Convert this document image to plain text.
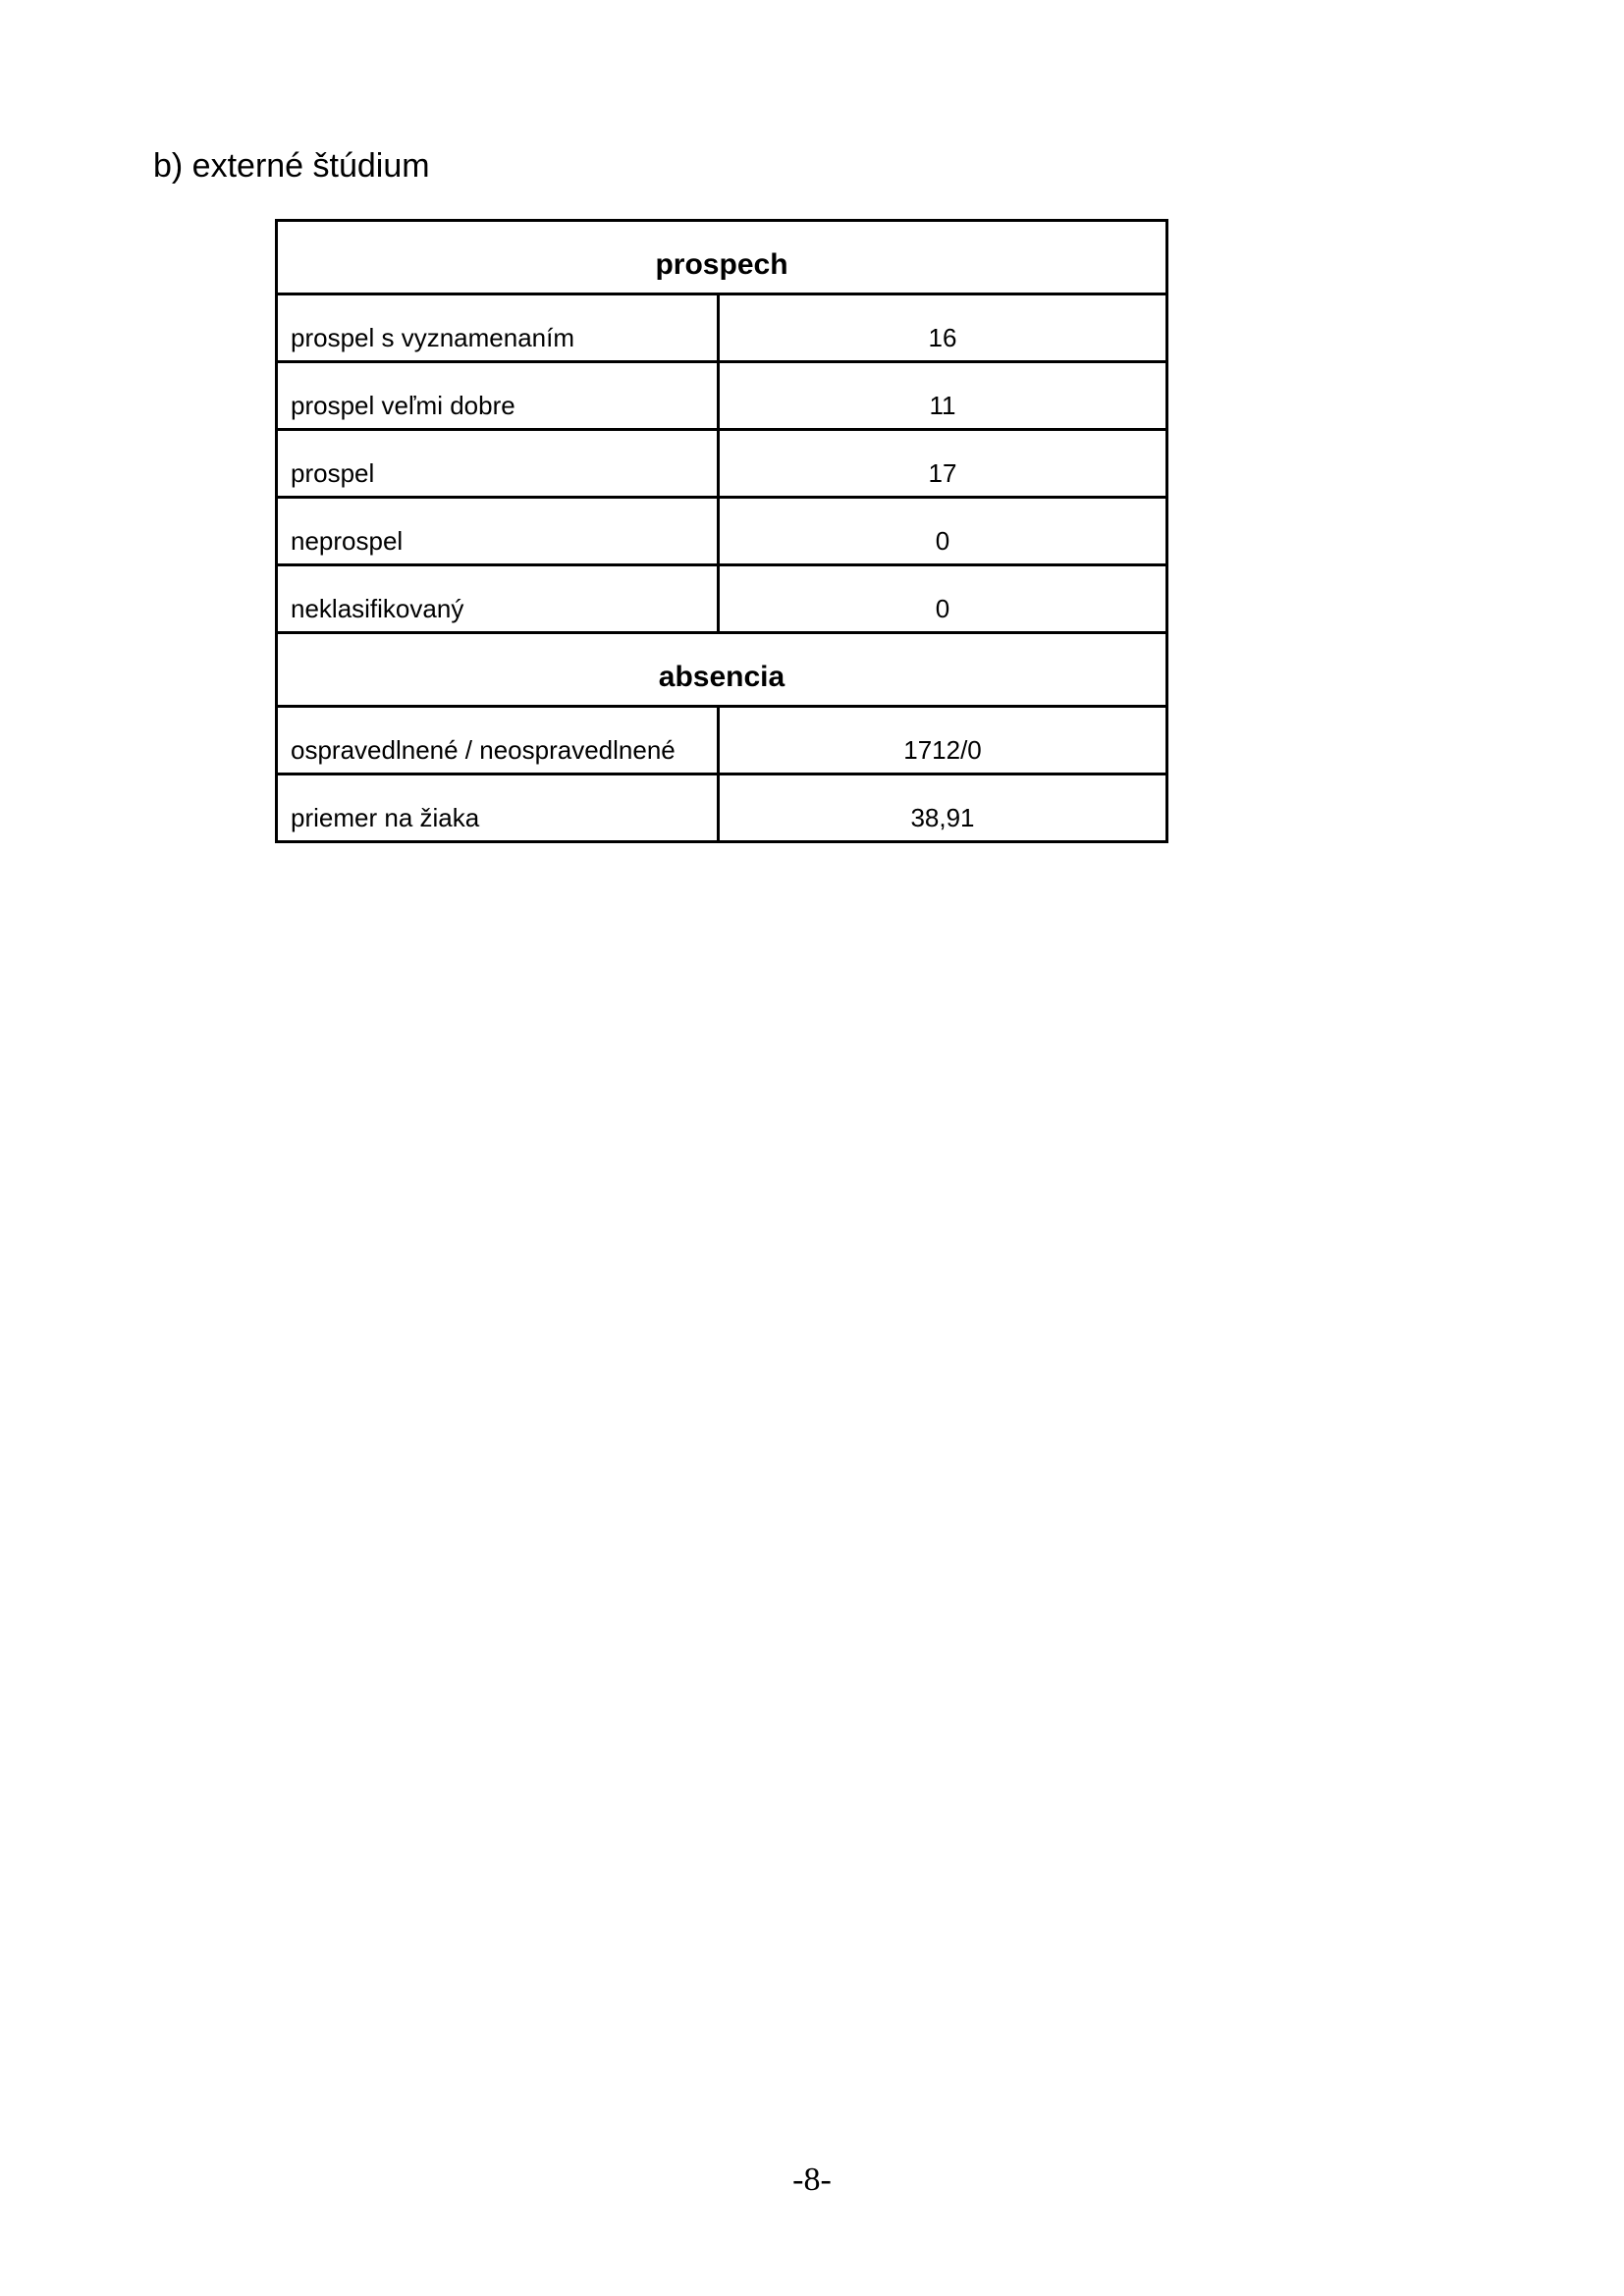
b) externé štúdium
prospech	
prospel s vyznamenaním	16
prospel veľmi dobre	11
prospel	17
neprospel	0
neklasifikovaný	0
absencia	
ospravedlnené / neospravedlnené	1712/0
priemer na žiaka	38,91
-8-
